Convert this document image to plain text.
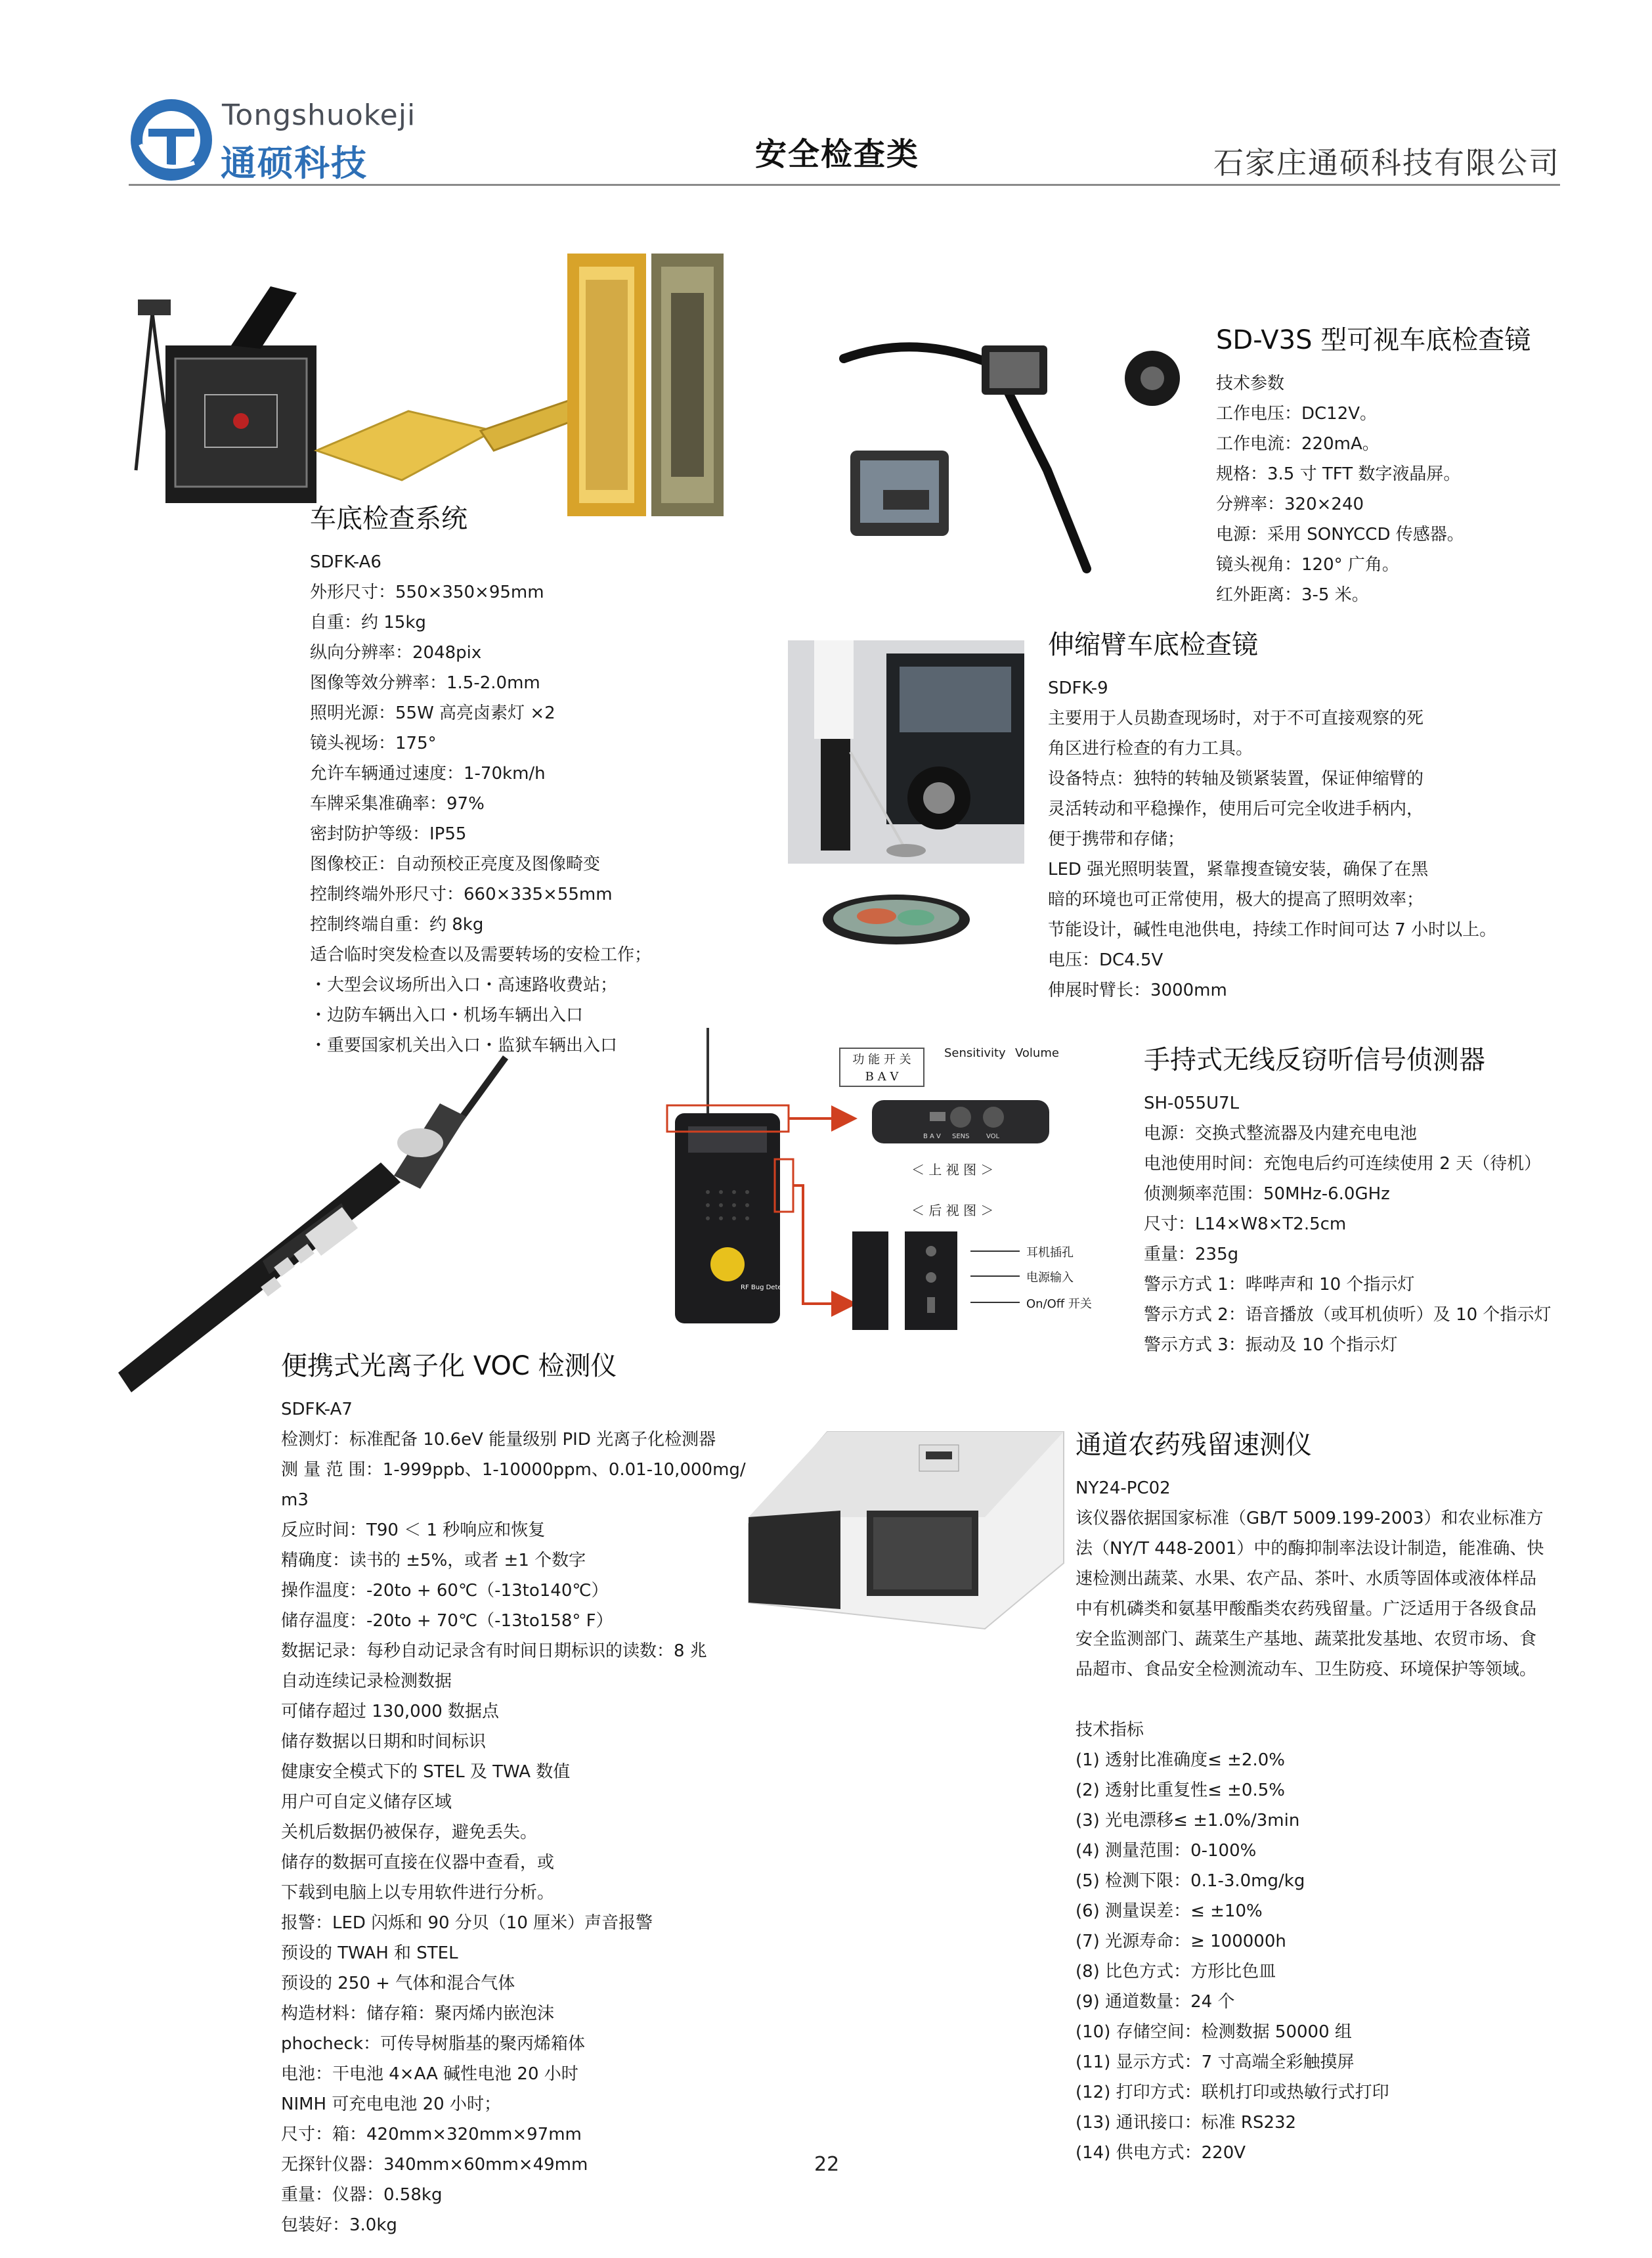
Tongshuokeji
通硕科技	安全检查类	石家庄通硕科技有限公司
功 能 开 关
B A V
Sensitivity Volume
RF Bug Detector
B A V SENS	VOL
＜ 上 视 图 ＞
＜ 后 视 图 ＞
耳机插孔
电源输入
On/Off 开关
车底检查系统
SDFK-A6
外形尺寸：550×350×95mm
自重：约 15kg
纵向分辨率：2048pix
图像等效分辨率：1.5-2.0mm
照明光源：55W 高亮卤素灯 ×2
镜头视场：175°
允许车辆通过速度：1-70km/h
车牌采集准确率：97%
密封防护等级：IP55
图像校正：自动预校正亮度及图像畸变
控制终端外形尺寸：660×335×55mm
控制终端自重：约 8kg
适合临时突发检查以及需要转场的安检工作；
・大型会议场所出入口・高速路收费站；
・边防车辆出入口・机场车辆出入口
・重要国家机关出入口・监狱车辆出入口
SD-V3S 型可视车底检查镜
技术参数
工作电压：DC12V。
工作电流：220mA。
规格：3.5 寸 TFT 数字液晶屏。
分辨率：320×240
电源：采用 SONYCCD 传感器。
镜头视角：120° 广角。
红外距离：3-5 米。
伸缩臂车底检查镜
SDFK-9
主要用于人员勘查现场时，对于不可直接观察的死
角区进行检查的有力工具。
设备特点：独特的转轴及锁紧装置，保证伸缩臂的
灵活转动和平稳操作，使用后可完全收进手柄内，
便于携带和存储；
LED 强光照明装置，紧靠搜查镜安装，确保了在黑
暗的环境也可正常使用，极大的提高了照明效率；
节能设计，碱性电池供电，持续工作时间可达 7 小时以上。
电压：DC4.5V
伸展时臂长：3000mm
手持式无线反窃听信号侦测器
SH-055U7L
电源：交换式整流器及内建充电电池
电池使用时间：充饱电后约可连续使用 2 天（待机）
侦测频率范围：50MHz-6.0GHz
尺寸：L14×W8×T2.5cm
重量：235g
警示方式 1：哔哔声和 10 个指示灯
警示方式 2：语音播放（或耳机侦听）及 10 个指示灯
警示方式 3：振动及 10 个指示灯
便携式光离子化 VOC 检测仪
SDFK-A7
检测灯：标准配备 10.6eV 能量级别 PID 光离子化检测器
测 量 范 围：1-999ppb、1-10000ppm、0.01-10,000mg/
m3
反应时间：T90 ＜ 1 秒响应和恢复
精确度：读书的 ±5%，或者 ±1 个数字
操作温度：-20to + 60℃（-13to140℃）
储存温度：-20to + 70℃（-13to158° F）
数据记录：每秒自动记录含有时间日期标识的读数：8 兆
自动连续记录检测数据
可储存超过 130,000 数据点
储存数据以日期和时间标识
健康安全模式下的 STEL 及 TWA 数值
用户可自定义储存区域
关机后数据仍被保存，避免丢失。
储存的数据可直接在仪器中查看，或
下载到电脑上以专用软件进行分析。
报警：LED 闪烁和 90 分贝（10 厘米）声音报警
预设的 TWAH 和 STEL
预设的 250 + 气体和混合气体
构造材料：储存箱：聚丙烯内嵌泡沫
phocheck：可传导树脂基的聚丙烯箱体
电池：干电池 4×AA 碱性电池 20 小时
NIMH 可充电电池 20 小时；
尺寸：箱：420mm×320mm×97mm
无探针仪器：340mm×60mm×49mm
重量：仪器：0.58kg
包装好：3.0kg
通道农药残留速测仪
NY24-PC02
该仪器依据国家标准（GB/T 5009.199-2003）和农业标准方
法（NY/T 448-2001）中的酶抑制率法设计制造，能准确、快
速检测出蔬菜、水果、农产品、茶叶、水质等固体或液体样品
中有机磷类和氨基甲酸酯类农药残留量。广泛适用于各级食品
安全监测部门、蔬菜生产基地、蔬菜批发基地、农贸市场、食
品超市、食品安全检测流动车、卫生防疫、环境保护等领域。
技术指标
(1) 透射比准确度≤ ±2.0%
(2) 透射比重复性≤ ±0.5%
(3) 光电漂移≤ ±1.0%/3min
(4) 测量范围：0-100%
(5) 检测下限：0.1-3.0mg/kg
(6) 测量误差：≤ ±10%
(7) 光源寿命：≥ 100000h
(8) 比色方式：方形比色皿
(9) 通道数量：24 个
(10) 存储空间：检测数据 50000 组
(11) 显示方式：7 寸高端全彩触摸屏
(12) 打印方式：联机打印或热敏行式打印
(13) 通讯接口：标准 RS232
(14) 供电方式：220V
22
